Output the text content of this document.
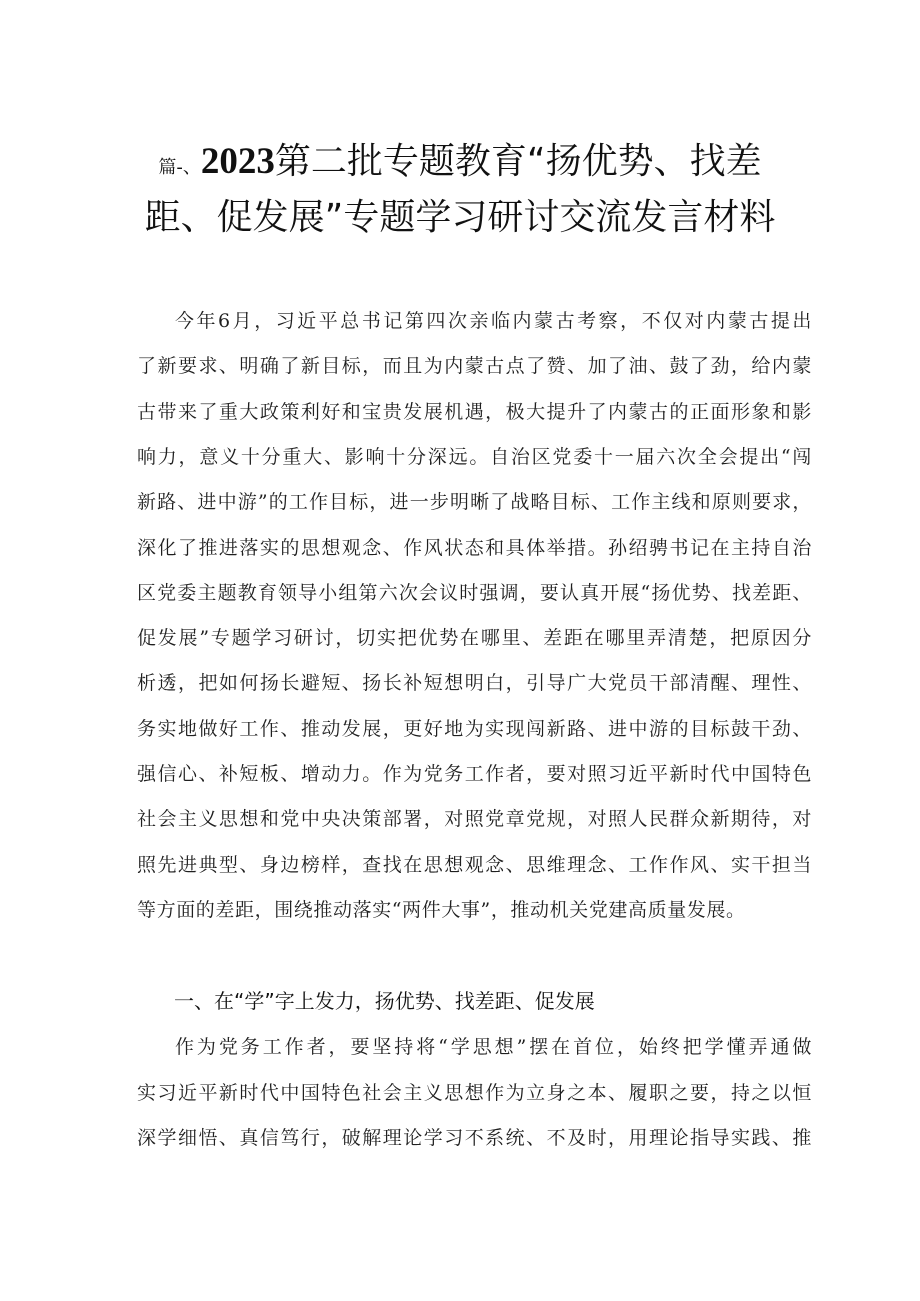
篇-、2023第二批专题教育“扬优势、找差
距、促发展”专题学习研讨交流发言材料
今年6月，习近平总书记第四次亲临内蒙古考察，不仅对内蒙古提出
了新要求、明确了新目标，而且为内蒙古点了赞、加了油、鼓了劲，给内蒙
古带来了重大政策利好和宝贵发展机遇，极大提升了内蒙古的正面形象和影
响力，意义十分重大、影响十分深远。自治区党委十一届六次全会提出“闯
新路、进中游”的工作目标，进一步明晰了战略目标、工作主线和原则要求，
深化了推进落实的思想观念、作风状态和具体举措。孙绍骋书记在主持自治
区党委主题教育领导小组第六次会议时强调，要认真开展“扬优势、找差距、
促发展”专题学习研讨，切实把优势在哪里、差距在哪里弄清楚，把原因分
析透，把如何扬长避短、扬长补短想明白，引导广大党员干部清醒、理性、
务实地做好工作、推动发展，更好地为实现闯新路、进中游的目标鼓干劲、
强信心、补短板、增动力。作为党务工作者，要对照习近平新时代中国特色
社会主义思想和党中央决策部署，对照党章党规，对照人民群众新期待，对
照先进典型、身边榜样，查找在思想观念、思维理念、工作作风、实干担当
等方面的差距，围绕推动落实“两件大事”，推动机关党建高质量发展。
一、在“学”字上发力，扬优势、找差距、促发展
作为党务工作者，要坚持将“学思想”摆在首位，始终把学懂弄通做
实习近平新时代中国特色社会主义思想作为立身之本、履职之要，持之以恒
深学细悟、真信笃行，破解理论学习不系统、不及时，用理论指导实践、推
